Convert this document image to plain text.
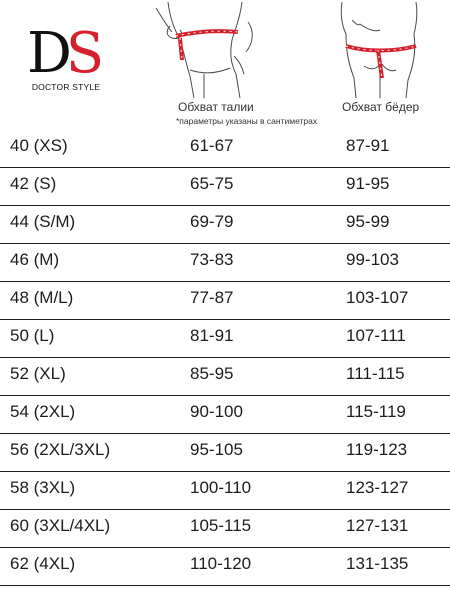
DS
DOCTOR STYLE
Обхват талии	Обхват бёдер
*параметры указаны в сантиметрах
40 (XS)	61-67	87-91
42 (S)	65-75	91-95
44 (S/M)	69-79	95-99
46 (M)	73-83	99-103
48 (M/L)	77-87	103-107
50 (L)	81-91	107-111
52 (XL)	85-95	111-115
54 (2XL)	90-100	115-119
56 (2XL/3XL)	95-105	119-123
58 (3XL)	100-110	123-127
60 (3XL/4XL)	105-115	127-131
62 (4XL)	110-120	131-135
